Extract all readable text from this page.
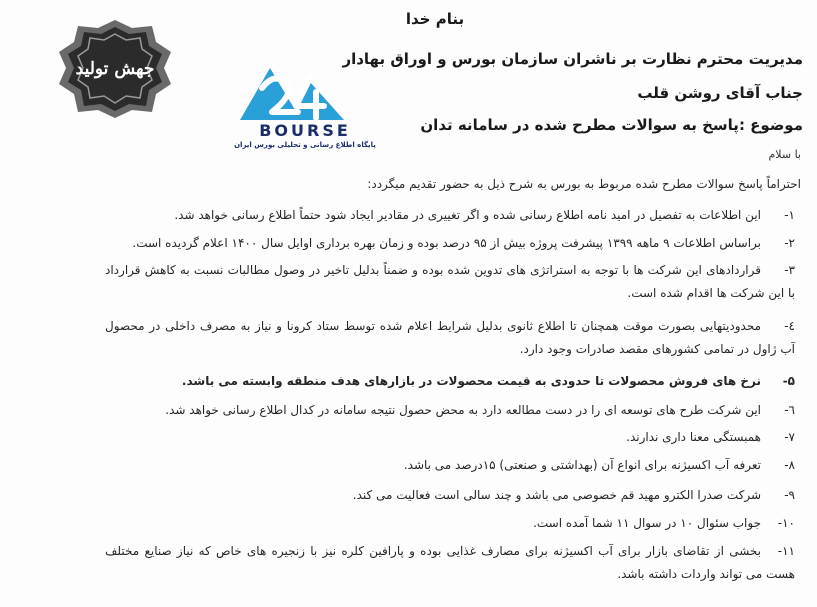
بنام خدا
جهش تولید
BOURSE
پایگاه اطلاع رسانی و تحلیلی بورس ایران
مدیریت محترم نظارت بر ناشران سازمان بورس و اوراق بهادار
جناب آقای روشن قلب
موضوع :پاسخ به سوالات مطرح شده در سامانه تدان
با سلام
احتراماً پاسخ سوالات مطرح شده مربوط به بورس به شرح ذیل به حضور تقدیم میگردد:
۱-
این اطلاعات به تفصیل در امید نامه اطلاع رسانی شده و اگر تغییری در مقادیر ایجاد شود حتماً اطلاع رسانی خواهد شد.
۲-
براساس اطلاعات ۹ ماهه ۱۳۹۹ پیشرفت پروژه بیش از ۹۵ درصد بوده و زمان بهره برداری اوایل سال ۱۴۰۰ اعلام گردیده است.
۳-
قراردادهای این شرکت ها با توجه به استراتژی های تدوین شده بوده و ضمناً بدلیل تاخیر در وصول مطالبات نسبت به کاهش قرارداد با این شرکت ها اقدام شده است.
٤-
محدودیتهایی بصورت موقت همچنان تا اطلاع ثانوی بدلیل شرایط اعلام شده توسط ستاد کرونا و نیاز به مصرف داخلی در محصول آب ژاول در تمامی کشورهای مقصد صادرات وجود دارد.
۵-
نرخ های فروش محصولات تا حدودی به قیمت محصولات در بازارهای هدف منطقه وابسته می باشد.
٦-
این شرکت طرح های توسعه ای را در دست مطالعه دارد به محض حصول نتیجه سامانه در کدال اطلاع رسانی خواهد شد.
۷-
همبستگی معنا داری ندارند.
۸-
تعرفه آب اکسیژنه برای انواع آن (بهداشتی و صنعتی) ۱۵درصد می باشد.
۹-
شرکت صدرا الکترو مهید قم خصوصی می باشد و چند سالی است فعالیت می کند.
۱۰-
جواب سئوال ۱۰ در سوال ۱۱ شما آمده است.
۱۱-
بخشی از تقاضای بازار برای آب اکسیژنه برای مصارف غذایی بوده و پارافین کلره نیز با زنجیره های خاص که نیاز صنایع مختلف هست می تواند واردات داشته باشد.
